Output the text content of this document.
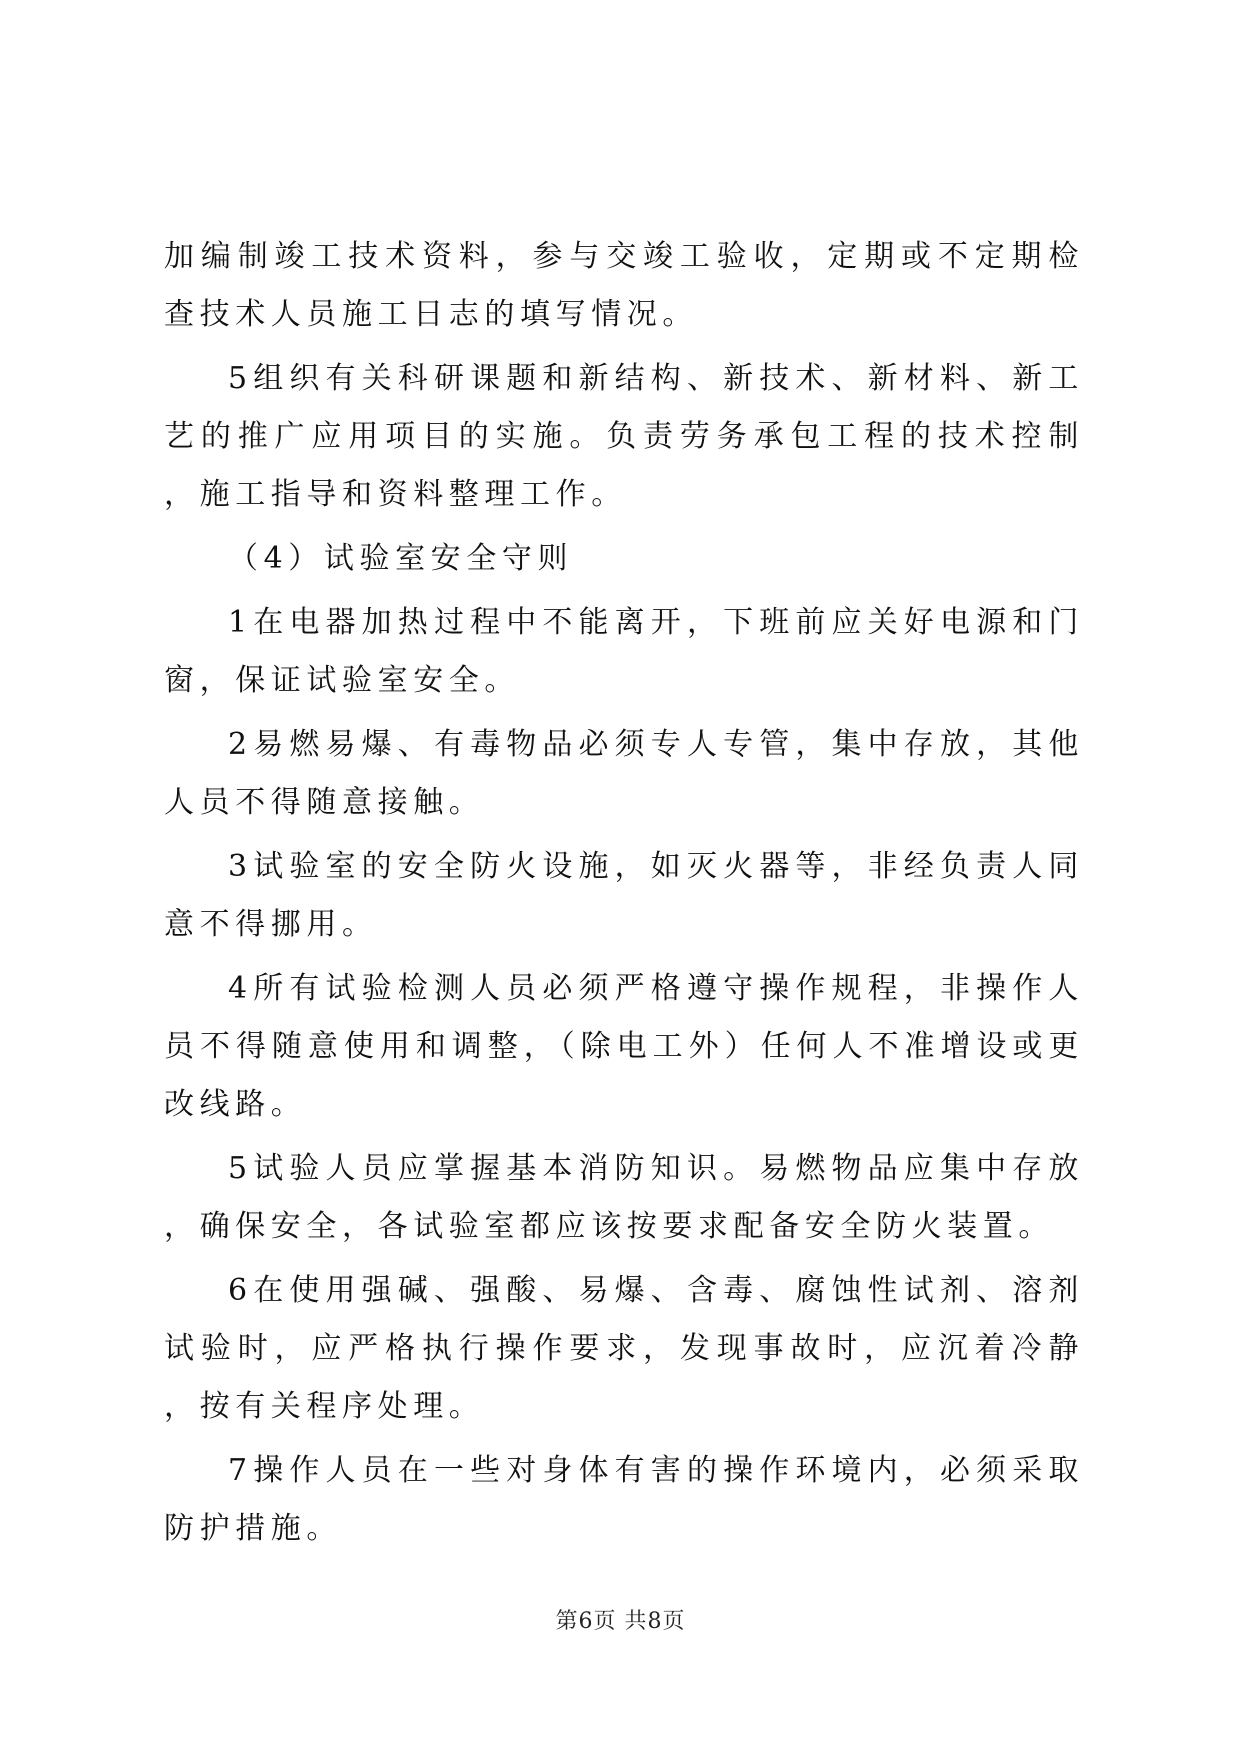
加编制竣工技术资料，参与交竣工验收，定期或不定期检查技术人员施工日志的填写情况。

5组织有关科研课题和新结构、新技术、新材料、新工艺的推广应用项目的实施。负责劳务承包工程的技术控制，施工指导和资料整理工作。

（4）试验室安全守则

1在电器加热过程中不能离开，下班前应关好电源和门窗，保证试验室安全。

2易燃易爆、有毒物品必须专人专管，集中存放，其他人员不得随意接触。

3试验室的安全防火设施，如灭火器等，非经负责人同意不得挪用。

4所有试验检测人员必须严格遵守操作规程，非操作人员不得随意使用和调整，（除电工外）任何人不准增设或更改线路。

5试验人员应掌握基本消防知识。易燃物品应集中存放，确保安全，各试验室都应该按要求配备安全防火装置。

6在使用强碱、强酸、易爆、含毒、腐蚀性试剂、溶剂试验时，应严格执行操作要求，发现事故时，应沉着冷静，按有关程序处理。

7操作人员在一些对身体有害的操作环境内，必须采取防护措施。

第6页 共8页
